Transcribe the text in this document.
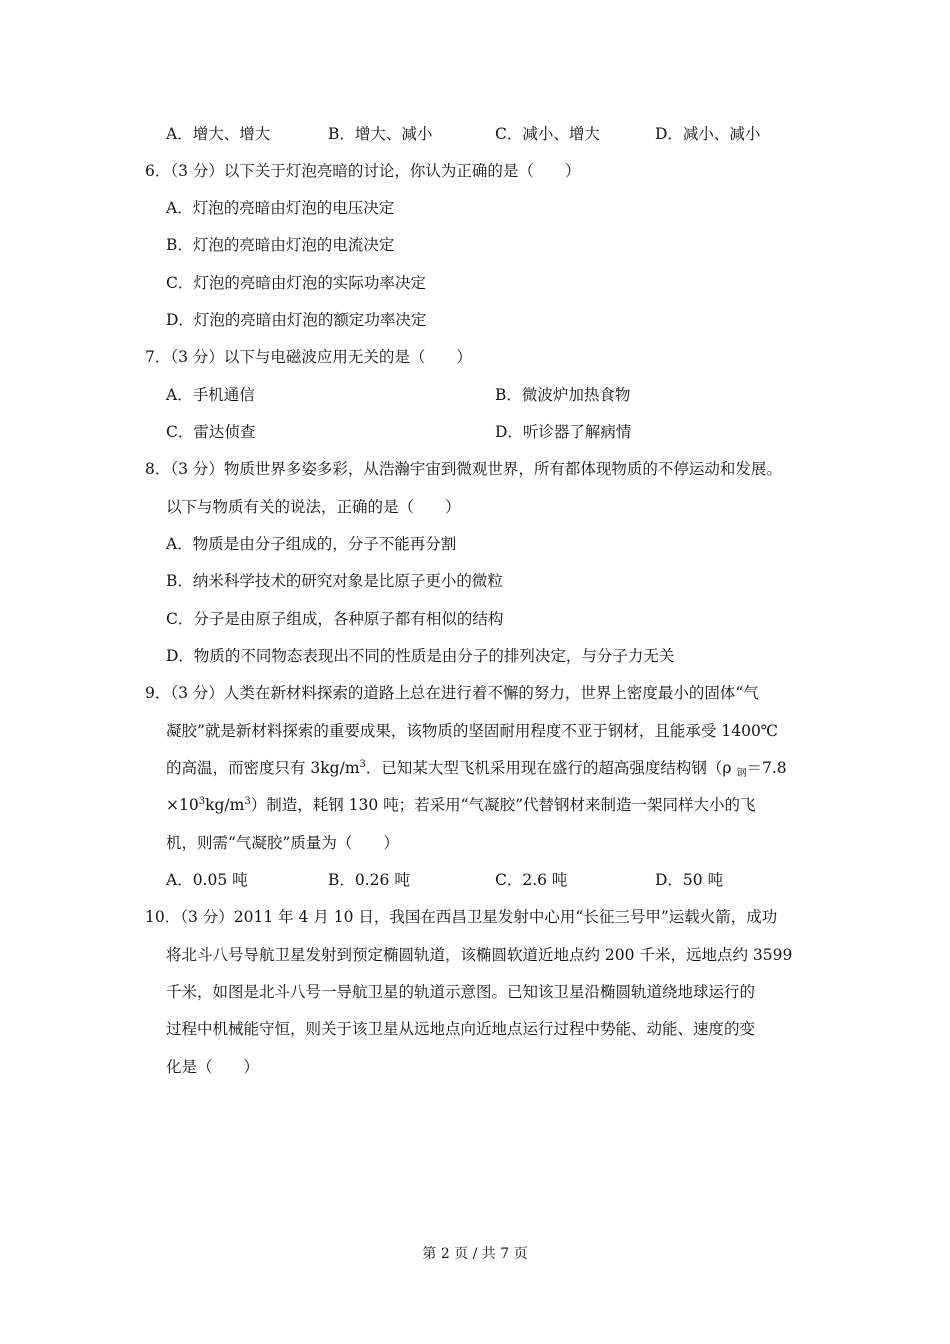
A．增大、增大	B．增大、减小	C．减小、增大	D．减小、减小
6．（3 分）以下关于灯泡亮暗的讨论，你认为正确的是（　　）
A．灯泡的亮暗由灯泡的电压决定
B．灯泡的亮暗由灯泡的电流决定
C．灯泡的亮暗由灯泡的实际功率决定
D．灯泡的亮暗由灯泡的额定功率决定
7．（3 分）以下与电磁波应用无关的是（　　）
A．手机通信	B．微波炉加热食物
C．雷达侦查	D．听诊器了解病情
8．（3 分）物质世界多姿多彩，从浩瀚宇宙到微观世界，所有都体现物质的不停运动和发展。
以下与物质有关的说法，正确的是（　　）
A．物质是由分子组成的，分子不能再分割
B．纳米科学技术的研究对象是比原子更小的微粒
C．分子是由原子组成，各种原子都有相似的结构
D．物质的不同物态表现出不同的性质是由分子的排列决定，与分子力无关
9．（3 分）人类在新材料探索的道路上总在进行着不懈的努力，世界上密度最小的固体“气
凝胶”就是新材料探索的重要成果，该物质的坚固耐用程度不亚于钢材，且能承受 1400℃
的高温，而密度只有 $3kg/m^3$．已知某大型飞机采用现在盛行的超高强度结构钢（ρ $_钢$＝7.8
$\times 10^3kg/m^3$）制造，耗钢 130 吨；若采用“气凝胶”代替钢材来制造一架同样大小的飞
机，则需“气凝胶”质量为（　　）
A．0.05 吨	B．0.26 吨	C．2.6 吨	D．50 吨
10．（3 分）2011 年 4 月 10 日，我国在西昌卫星发射中心用“长征三号甲”运载火箭，成功
将北斗八号导航卫星发射到预定椭圆轨道，该椭圆软道近地点约 200 千米，远地点约 3599
千米，如图是北斗八号一导航卫星的轨道示意图。已知该卫星沿椭圆轨道绕地球运行的
过程中机械能守恒，则关于该卫星从远地点向近地点运行过程中势能、动能、速度的变
化是（　　）
第 2 页 / 共 7 页
